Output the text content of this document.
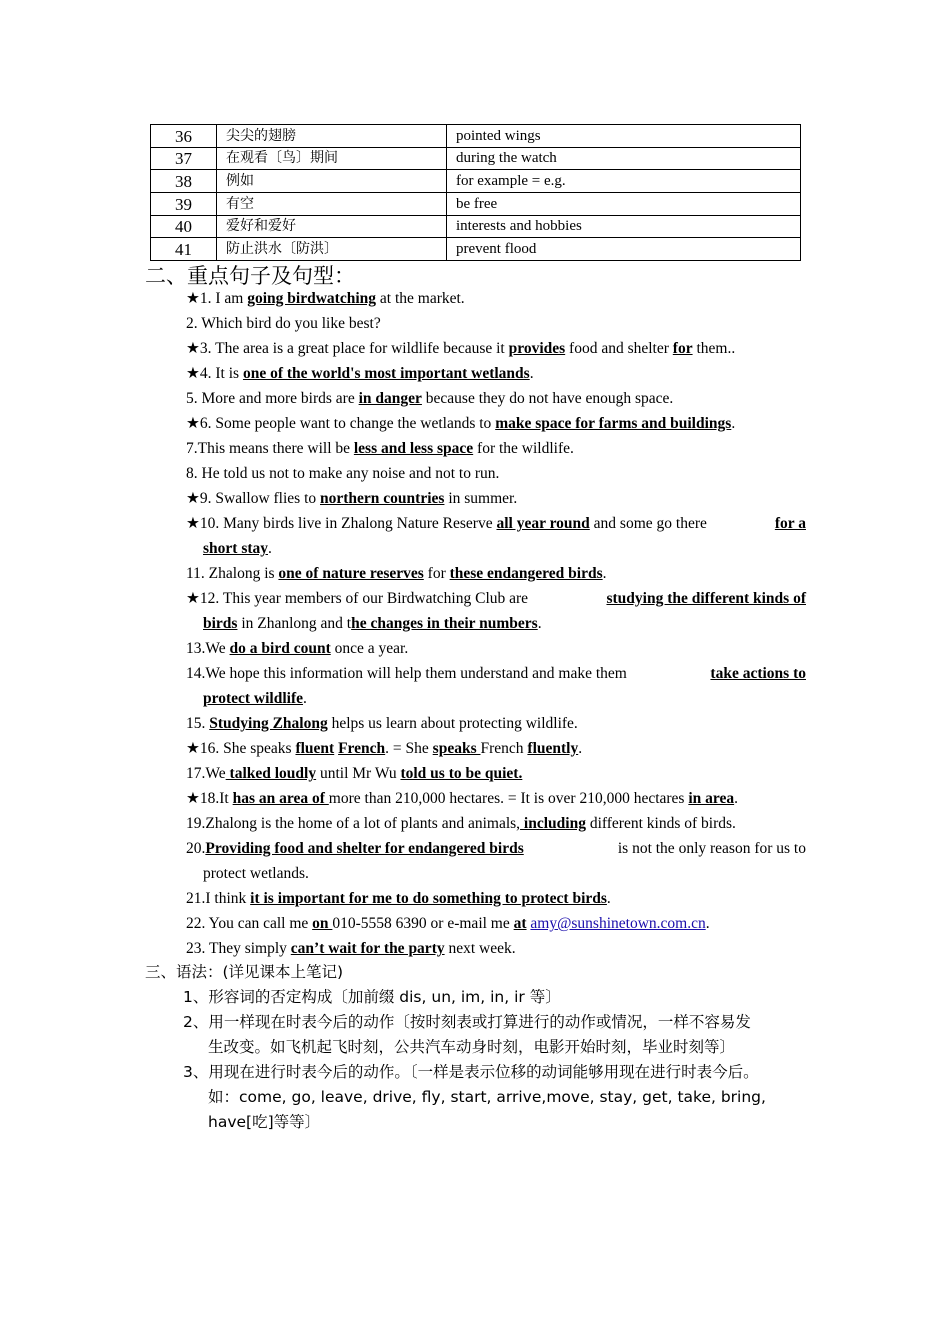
36	尖尖的翅膀	pointed wings
37	在观看〔鸟〕期间	during the watch
38	例如	for example = e.g.
39	有空	be free
40	爱好和爱好	interests and hobbies
41	防止洪水〔防洪〕	prevent flood
二、重点句子及句型：
★1. I am going birdwatching at the market.
2. Which bird do you like best?
★3. The area is a great place for wildlife because it provides food and shelter for them..
★4. It is one of the world's most important wetlands.
5. More and more birds are in danger because they do not have enough space.
★6. Some people want to change the wetlands to make space for farms and buildings.
7.This means there will be less and less space for the wildlife.
8. He told us not to make any noise and not to run.
★9. Swallow flies to northern countries in summer.
★10. Many birds live in Zhalong Nature Reserve all year round and some go there	for a
short stay.
11. Zhalong is one of nature reserves for these endangered birds.
★12. This year members of our Birdwatching Club are	studying the different kinds of
birds in Zhanlong and the changes in their numbers.
13.We do a bird count once a year.
14.We hope this information will help them understand and make them	take actions to
protect wildlife.
15. Studying Zhalong helps us learn about protecting wildlife.
★16. She speaks fluent French. = She speaks French fluently.
17.We talked loudly until Mr Wu told us to be quiet.
★18.It has an area of more than 210,000 hectares. = It is over 210,000 hectares in area.
19.Zhalong is the home of a lot of plants and animals, including different kinds of birds.
20.Providing food and shelter for endangered birds	is not the only reason for us to
protect wetlands.
21.I think it is important for me to do something to protect birds.
22. You can call me on 010-5558 6390 or e-mail me at amy@sunshinetown.com.cn.
23. They simply can’t wait for the party next week.
三、语法：(详见课本上笔记)
1、形容词的否定构成〔加前缀 dis, un, im, in, ir 等〕
2、用一样现在时表今后的动作〔按时刻表或打算进行的动作或情况，一样不容易发
生改变。如飞机起飞时刻，公共汽车动身时刻，电影开始时刻，毕业时刻等〕
3、用现在进行时表今后的动作。〔一样是表示位移的动词能够用现在进行时表今后。
如：come, go, leave, drive, fly, start, arrive,move, stay, get, take, bring, have[吃]等等〕
